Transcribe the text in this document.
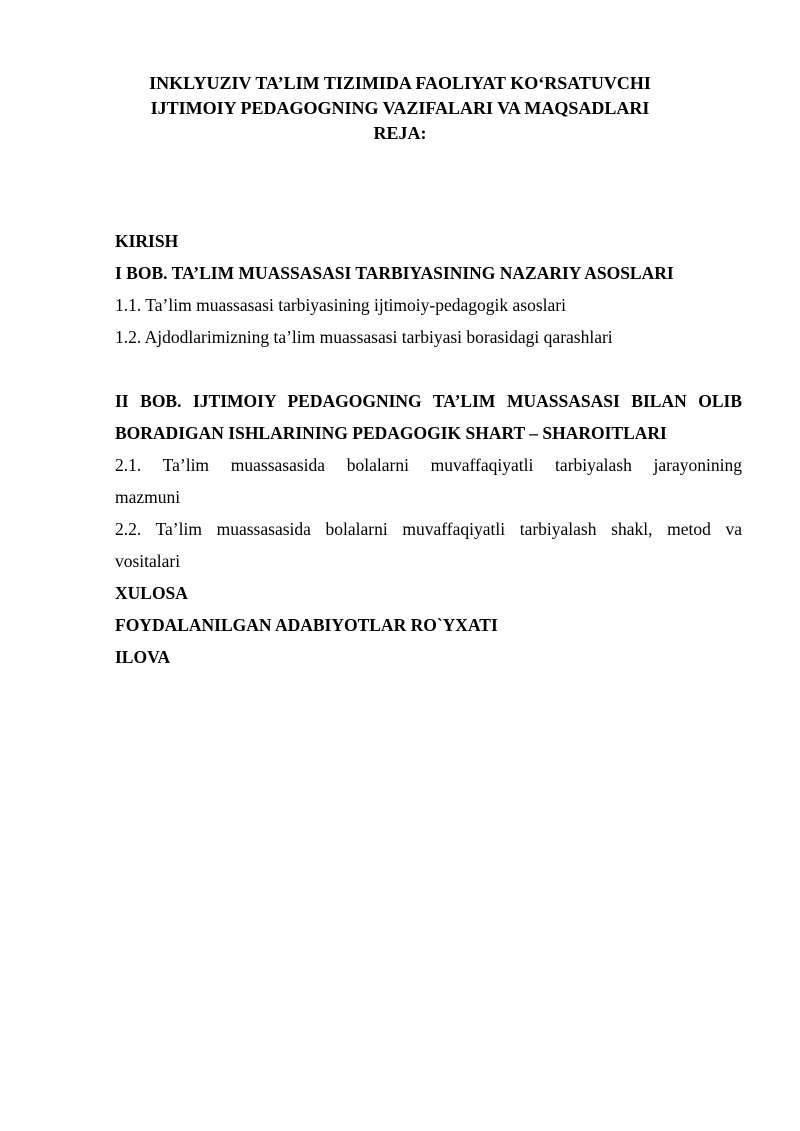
INKLYUZIV TA’LIM TIZIMIDA FAOLIYAT KO‘RSATUVCHI
IJTIMOIY PEDAGOGNING VAZIFALARI VA MAQSADLARI
REJA:
KIRISH
I BOB. TA’LIM MUASSASASI TARBIYASINING NAZARIY ASOSLARI
1.1. Ta’lim muassasasi tarbiyasining ijtimoiy-pedagogik asoslari
1.2. Ajdodlarimizning ta’lim muassasasi tarbiyasi borasidagi qarashlari
II BOB. IJTIMOIY PEDAGOGNING TA’LIM MUASSASASI BILAN OLIB
BORADIGAN ISHLARINING PEDAGOGIK SHART – SHAROITLARI
2.1. Ta’lim muassasasida bolalarni muvaffaqiyatli tarbiyalash jarayonining
mazmuni
2.2. Ta’lim muassasasida bolalarni muvaffaqiyatli tarbiyalash shakl, metod va
vositalari
XULOSA
FOYDALANILGAN ADABIYOTLAR RO`YXATI
ILOVA
